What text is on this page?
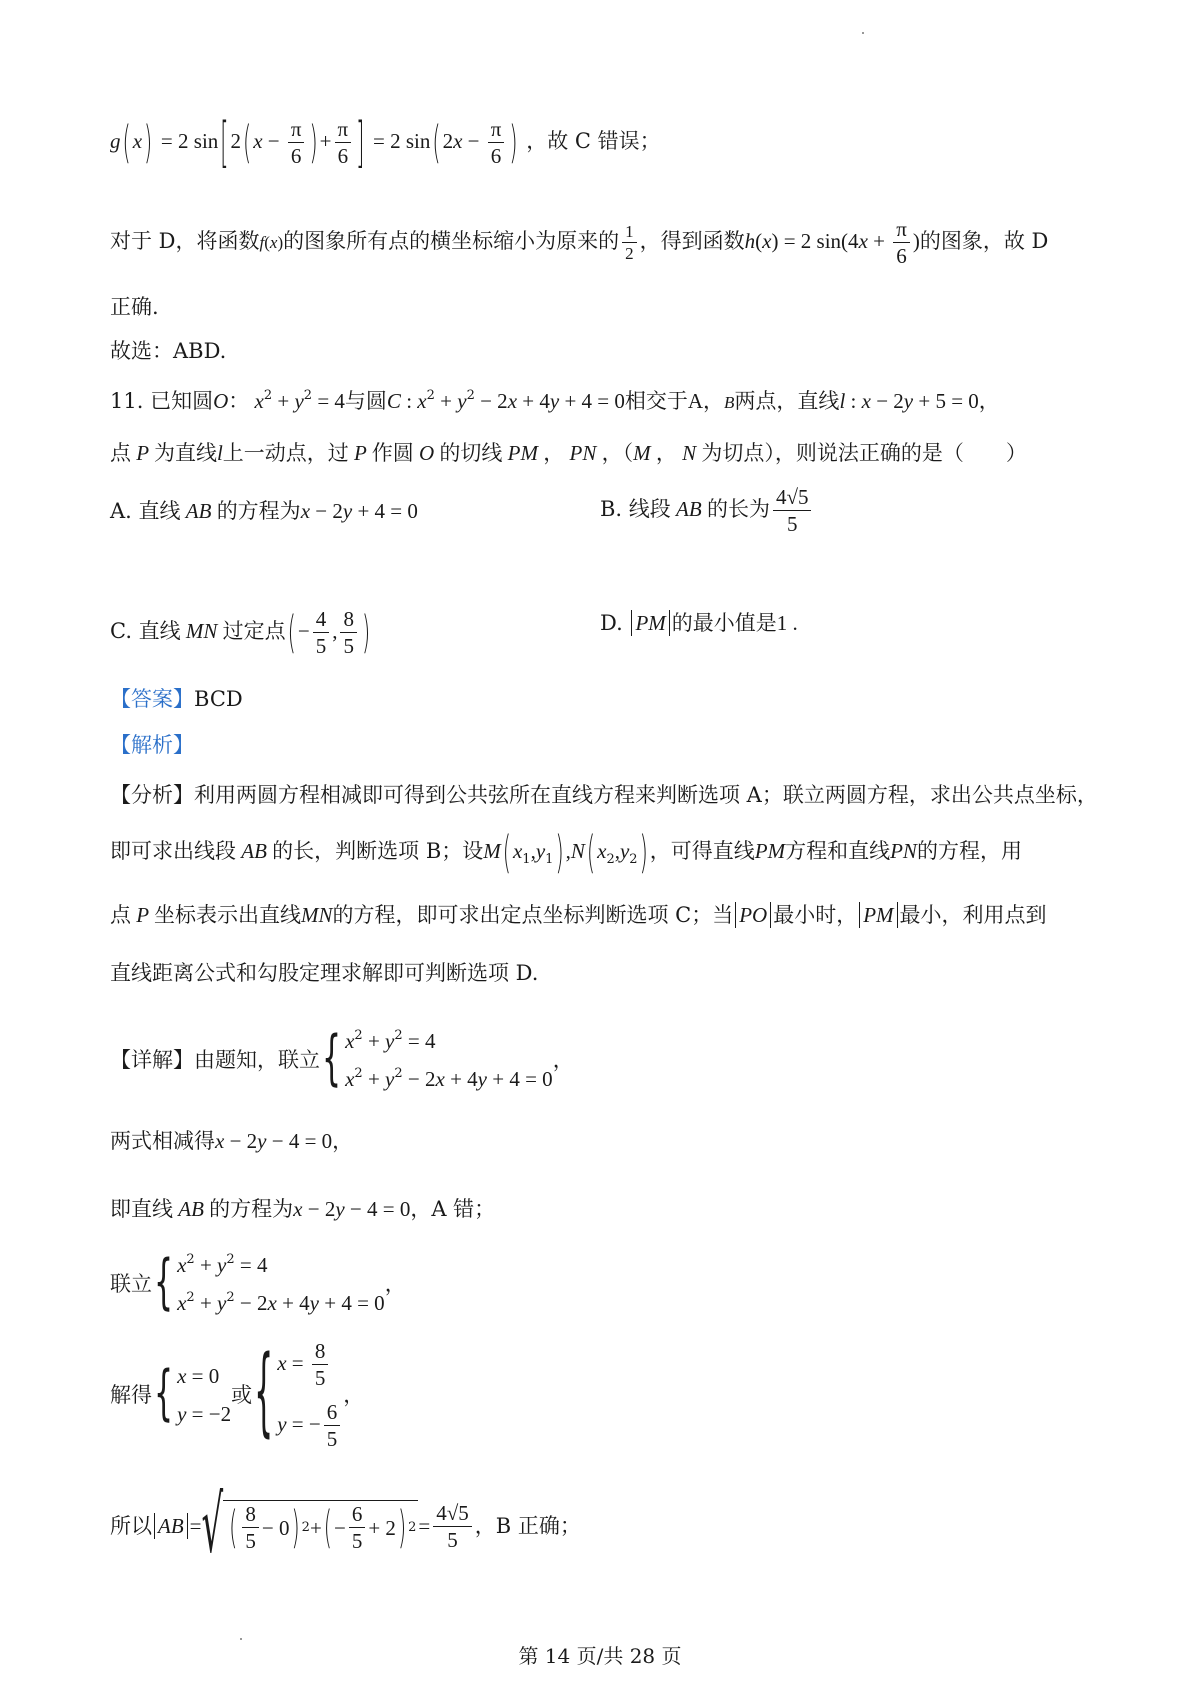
g(x) = 2 $\sin[2(x - \frac{\pi}{6}$ )+ $\frac{\pi}{6}$ ] = 2 $\sin(2x - \frac{\pi}{6}$ ) ，故 C 错误；
对于 D，将函数f(x)的图象所有点的横坐标缩小为原来的 $\frac{1}{2}$ ，得到函数h(x) = 2 $\sin(4x + \frac{\pi}{6}$ )的图象，故 D
正确.
故选：ABD.
11. 已知圆O： $x^2 + y^2 = 4$与圆C : $x^2 + y^2 - 2x + 4y + 4 = 0$相交于A，B两点，直线l : x − 2y + 5 = 0，
点 P 为直线l上一动点，过 P 作圆 O 的切线 PM ， PN ，（M ， N 为切点），则说法正确的是（　　）
A. 直线 AB 的方程为x − 2y + 4 = 0	B. 线段 AB 的长为 $\frac{4√5}{5}$
C. 直线 MN 过定点(− $\frac{4}{5}$ , $\frac{8}{5}$ )	D. PM 的最小值是1 .
【答案】BCD
【解析】
【分析】利用两圆方程相减即可得到公共弦所在直线方程来判断选项 A；联立两圆方程，求出公共点坐标，
即可求出线段 AB 的长，判断选项 B；设$M(x_1,y_1),N(x_2,y_2)$，可得直线PM方程和直线PN的方程，用
点 P 坐标表示出直线MN的方程，即可求出定点坐标判断选项 C；当 PO 最小时， PM 最小，利用点到
直线距离公式和勾股定理求解即可判断选项 D.
【详解】 由题知，联立 { $x^2 + y^2 = 4$
$x^2 + y^2 - 2x + 4y + 4 = 0$
，
两式相减得x − 2y − 4 = 0，
即直线 AB 的方程为x − 2y − 4 = 0，A 错；
联立 { $x^2 + y^2 = 4$
$x^2 + y^2 - 2x + 4y + 4 = 0$
，
解得 { x = 0
y = −2
或 { $x = \frac{8}{5}$
y = − $\frac{6}{5}$
，
所以 AB = √ ( $\frac{8}{5} - 0$ ) 2 + ( − $\frac{6}{5} + 2$ ) $2 = \frac{4√5}{5}$ ，B 正确；
第 14 页/共 28 页
